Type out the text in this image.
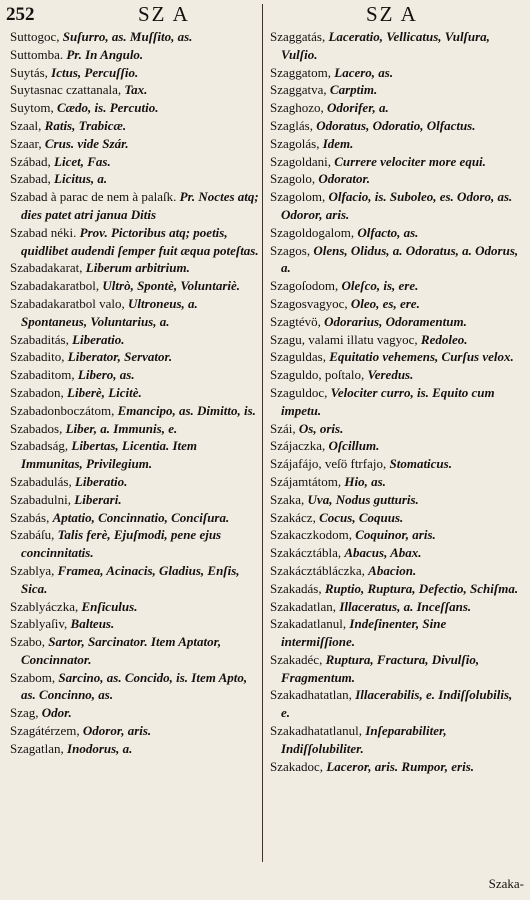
252	SZ A	SZ A

Suttogoc, Suſurro, as. Muſſito, as.

Suttomba. Pr. In Angulo.

Suytás, Ictus, Percuſſio.

Suytasnac czattanala, Tax.

Suytom, Cædo, is. Percutio.

Szaal, Ratis, Trabicæ.

Szaar, Crus. vide Szár.

Szábad, Licet, Fas.

Szabad, Licitus, a.

Szabad à parac de nem à palaſk. Pr. Noctes atq; dies patet atri janua Ditis

Szabad néki. Prov. Pictoribus atq; poetis, quidlibet audendi ſemper fuit æqua poteſtas.

Szabadakarat, Liberum arbitrium.

Szabadakaratbol, Ultrò, Spontè, Voluntariè.

Szabadakaratbol valo, Ultroneus, a. Spontaneus, Voluntarius, a.

Szabaditás, Liberatio.

Szabadito, Liberator, Servator.

Szabaditom, Libero, as.

Szabadon, Liberè, Licitè.

Szabadonboczátom, Emancipo, as. Dimitto, is.

Szabados, Liber, a. Immunis, e.

Szabadság, Libertas, Licentia. Item Immunitas, Privilegium.

Szabadulás, Liberatio.

Szabadulni, Liberari.

Szabás, Aptatio, Concinnatio, Conciſura.

Szabáſu, Talis ferè, Ejuſmodi, pene ejus concinnitatis.

Szablya, Framea, Acinacis, Gladius, Enſis, Sica.

Szablyáczka, Enſiculus.

Szablyaſiv, Balteus.

Szabo, Sartor, Sarcinator. Item Aptator, Concinnator.

Szabom, Sarcino, as. Concido, is. Item Apto, as. Concinno, as.

Szag, Odor.

Szagátérzem, Odoror, aris.

Szagatlan, Inodorus, a.

Szaggatás, Laceratio, Vellicatus, Vulſura, Vulſio.

Szaggatom, Lacero, as.

Szaggatva, Carptim.

Szaghozo, Odorifer, a.

Szaglás, Odoratus, Odoratio, Olfactus.

Szagolás, Idem.

Szagoldani, Currere velociter more equi.

Szagolo, Odorator.

Szagolom, Olfacio, is. Suboleo, es. Odoro, as. Odoror, aris.

Szagoldogalom, Olfacto, as.

Szagos, Olens, Olidus, a. Odoratus, a. Odorus, a.

Szagoſodom, Oleſco, is, ere.

Szagosvagyoc, Oleo, es, ere.

Szagtévö, Odorarius, Odoramentum.

Szagu, valami illatu vagyoc, Redoleo.

Szaguldas, Equitatio vehemens, Curſus velox.

Szaguldo, poſtalo, Veredus.

Szaguldoc, Velociter curro, is. Equito cum impetu.

Szái, Os, oris.

Szájaczka, Oſcillum.

Szájafájo, veſö ftrfajo, Stomaticus.

Szájamtátom, Hio, as.

Szaka, Uva, Nodus gutturis.

Szakácz, Cocus, Coquus.

Szakaczkodom, Coquinor, aris.

Szakácztábla, Abacus, Abax.

Szakácztábláczka, Abacion.

Szakadás, Ruptio, Ruptura, Defectio, Schiſma.

Szakadatlan, Illaceratus, a. Inceſſans.

Szakadatlanul, Indeſinenter, Sine intermiſſione.

Szakadéc, Ruptura, Fractura, Divulſio, Fragmentum.

Szakadhatatlan, Illacerabilis, e. Indiſſolubilis, e.

Szakadhatatlanul, Inſeparabiliter, Indiſſolubiliter.

Szakadoc, Laceror, aris. Rumpor, eris.

Szaka-
